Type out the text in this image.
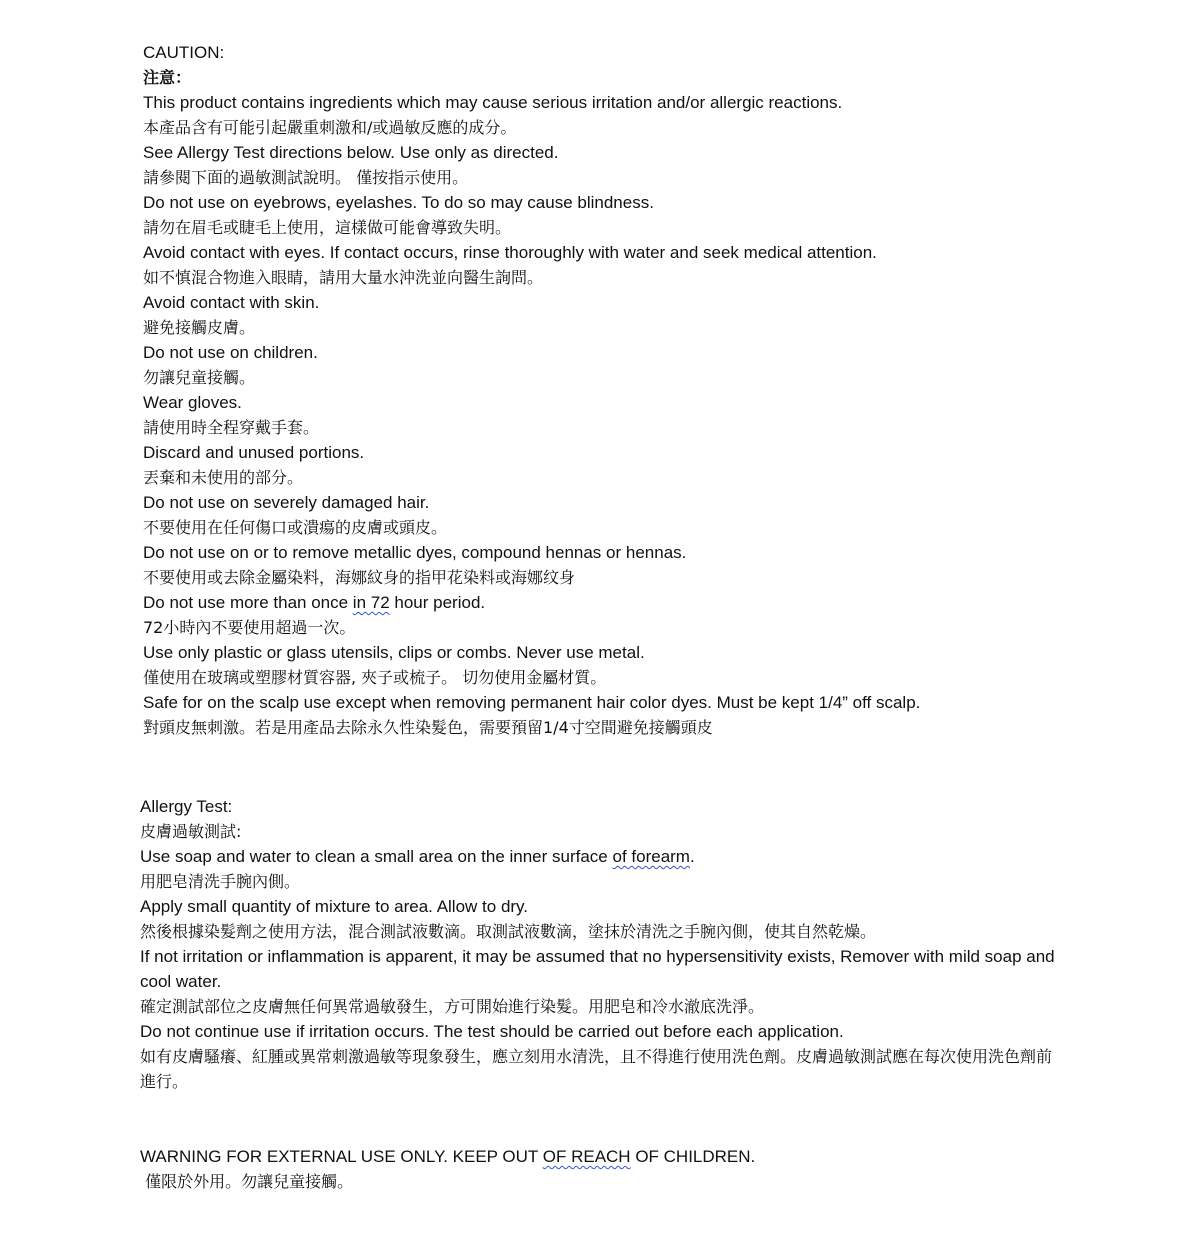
CAUTION:
注意：
This product contains ingredients which may cause serious irritation and/or allergic reactions.
本產品含有可能引起嚴重刺激和/或過敏反應的成分。
See Allergy Test directions below. Use only as directed.
請參閱下面的過敏測試說明。 僅按指示使用。
Do not use on eyebrows, eyelashes. To do so may cause blindness.
請勿在眉毛或睫毛上使用，這樣做可能會導致失明。
Avoid contact with eyes. If contact occurs, rinse thoroughly with water and seek medical attention.
如不慎混合物進入眼睛，請用大量水沖洗並向醫生詢問。
Avoid contact with skin.
避免接觸皮膚。
Do not use on children.
勿讓兒童接觸。
Wear gloves.
請使用時全程穿戴手套。
Discard and unused portions.
丟棄和未使用的部分。
Do not use on severely damaged hair.
不要使用在任何傷口或潰瘍的皮膚或頭皮。
Do not use on or to remove metallic dyes, compound hennas or hennas.
不要使用或去除金屬染料，海娜紋身的指甲花染料或海娜纹身
Do not use more than once in 72 hour period.
72小時內不要使用超過一次。
Use only plastic or glass utensils, clips or combs. Never use metal.
僅使用在玻璃或塑膠材質容器, 夾子或梳子。 切勿使用金屬材質。
Safe for on the scalp use except when removing permanent hair color dyes. Must be kept 1/4” off scalp.
對頭皮無刺激。若是用產品去除永久性染髮色，需要預留1/4寸空間避免接觸頭皮
Allergy Test:
皮膚過敏測試:
Use soap and water to clean a small area on the inner surface of forearm.
用肥皂清洗手腕內側。
Apply small quantity of mixture to area. Allow to dry.
然後根據染髮劑之使用方法，混合測試液數滴。取測試液數滴，塗抹於清洗之手腕內側，使其自然乾燥。
If not irritation or inflammation is apparent, it may be assumed that no hypersensitivity exists, Remover with mild soap and cool water.
確定測試部位之皮膚無任何異常過敏發生，方可開始進行染髮。用肥皂和冷水澈底洗淨。
Do not continue use if irritation occurs. The test should be carried out before each application.
如有皮膚騷癢、紅腫或異常刺激過敏等現象發生，應立刻用水清洗，且不得進行使用洗色劑。皮膚過敏測試應在每次使用洗色劑前進行。
WARNING FOR EXTERNAL USE ONLY. KEEP OUT OF REACH OF CHILDREN.
僅限於外用。勿讓兒童接觸。
